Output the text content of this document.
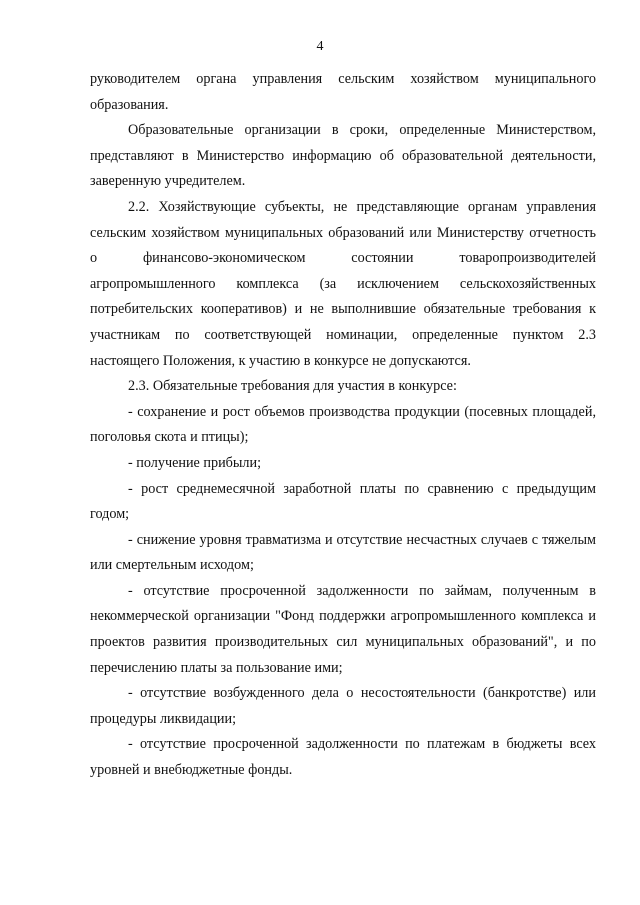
4

руководителем органа управления сельским хозяйством муниципального образования.

Образовательные организации в сроки, определенные Министерством, представляют в Министерство информацию об образовательной деятельности, заверенную учредителем.

2.2. Хозяйствующие субъекты, не представляющие органам управления сельским хозяйством муниципальных образований или Министерству отчетность о финансово-экономическом состоянии товаропроизводителей агропромышленного комплекса (за исключением сельскохозяйственных потребительских кооперативов) и не выполнившие обязательные требования к участникам по соответствующей номинации, определенные пунктом 2.3 настоящего Положения, к участию в конкурсе не допускаются.

2.3. Обязательные требования для участия в конкурсе:

- сохранение и рост объемов производства продукции (посевных площадей, поголовья скота и птицы);

- получение прибыли;

- рост среднемесячной заработной платы по сравнению с предыдущим годом;

- снижение уровня травматизма и отсутствие несчастных случаев с тяжелым или смертельным исходом;

- отсутствие просроченной задолженности по займам, полученным в некоммерческой организации "Фонд поддержки агропромышленного комплекса и проектов развития производительных сил муниципальных образований", и по перечислению платы за пользование ими;

- отсутствие возбужденного дела о несостоятельности (банкротстве) или процедуры ликвидации;

- отсутствие просроченной задолженности по платежам в бюджеты всех уровней и внебюджетные фонды.
